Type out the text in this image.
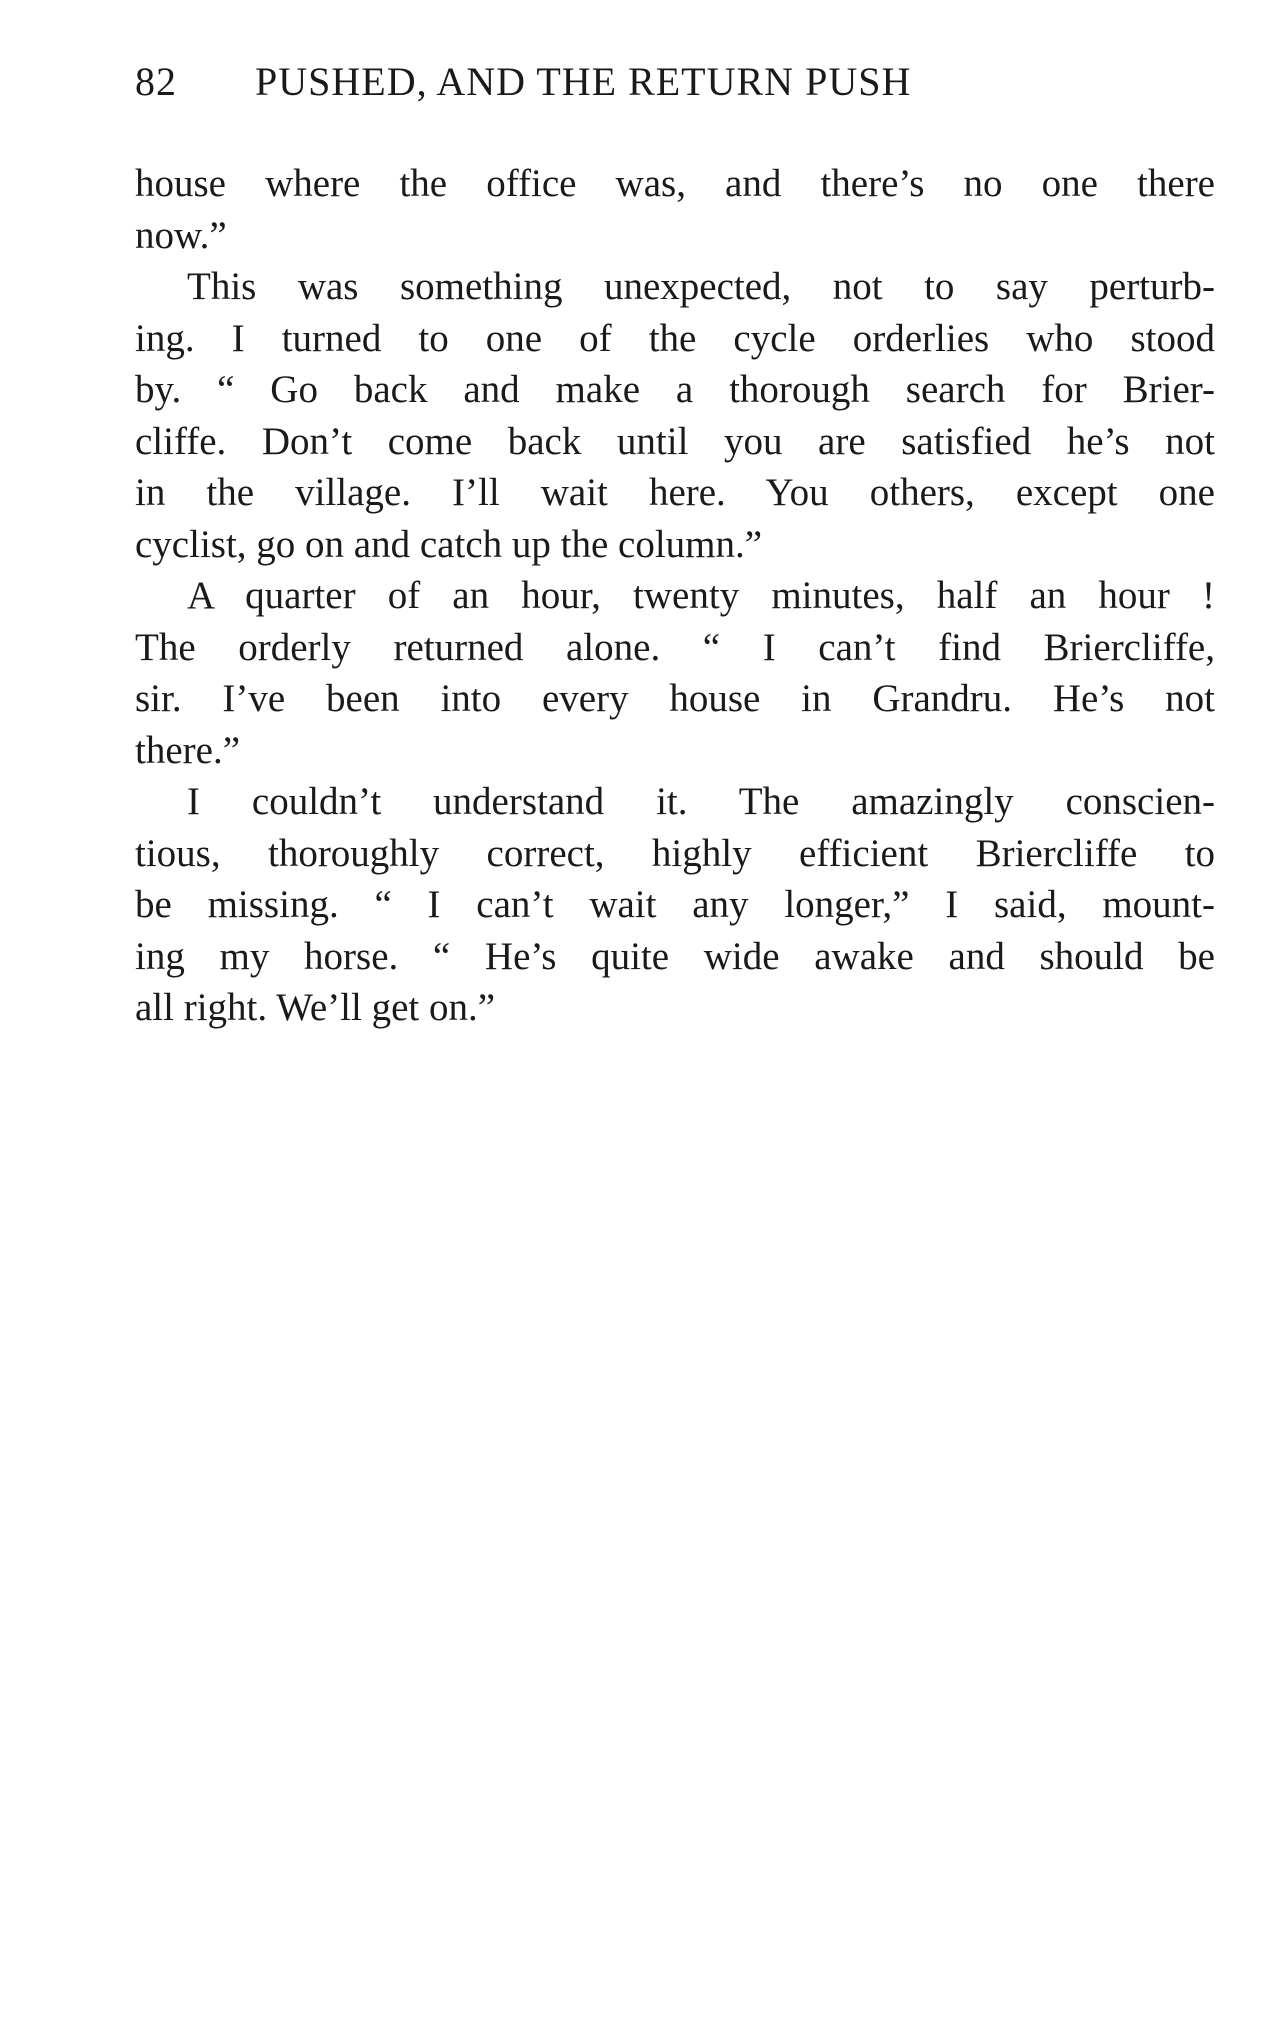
82 PUSHED, AND THE RETURN PUSH
house where the office was, and there’s no one there
now.”
This was something unexpected, not to say perturb-
ing. I turned to one of the cycle orderlies who stood
by. “ Go back and make a thorough search for Brier-
cliffe. Don’t come back until you are satisfied he’s not
in the village. I’ll wait here. You others, except one
cyclist, go on and catch up the column.”
A quarter of an hour, twenty minutes, half an hour !
The orderly returned alone. “ I can’t find Briercliffe,
sir. I’ve been into every house in Grandru. He’s not
there.”
I couldn’t understand it. The amazingly conscien-
tious, thoroughly correct, highly efficient Briercliffe to
be missing. “ I can’t wait any longer,” I said, mount-
ing my horse. “ He’s quite wide awake and should be
all right. We’ll get on.”
